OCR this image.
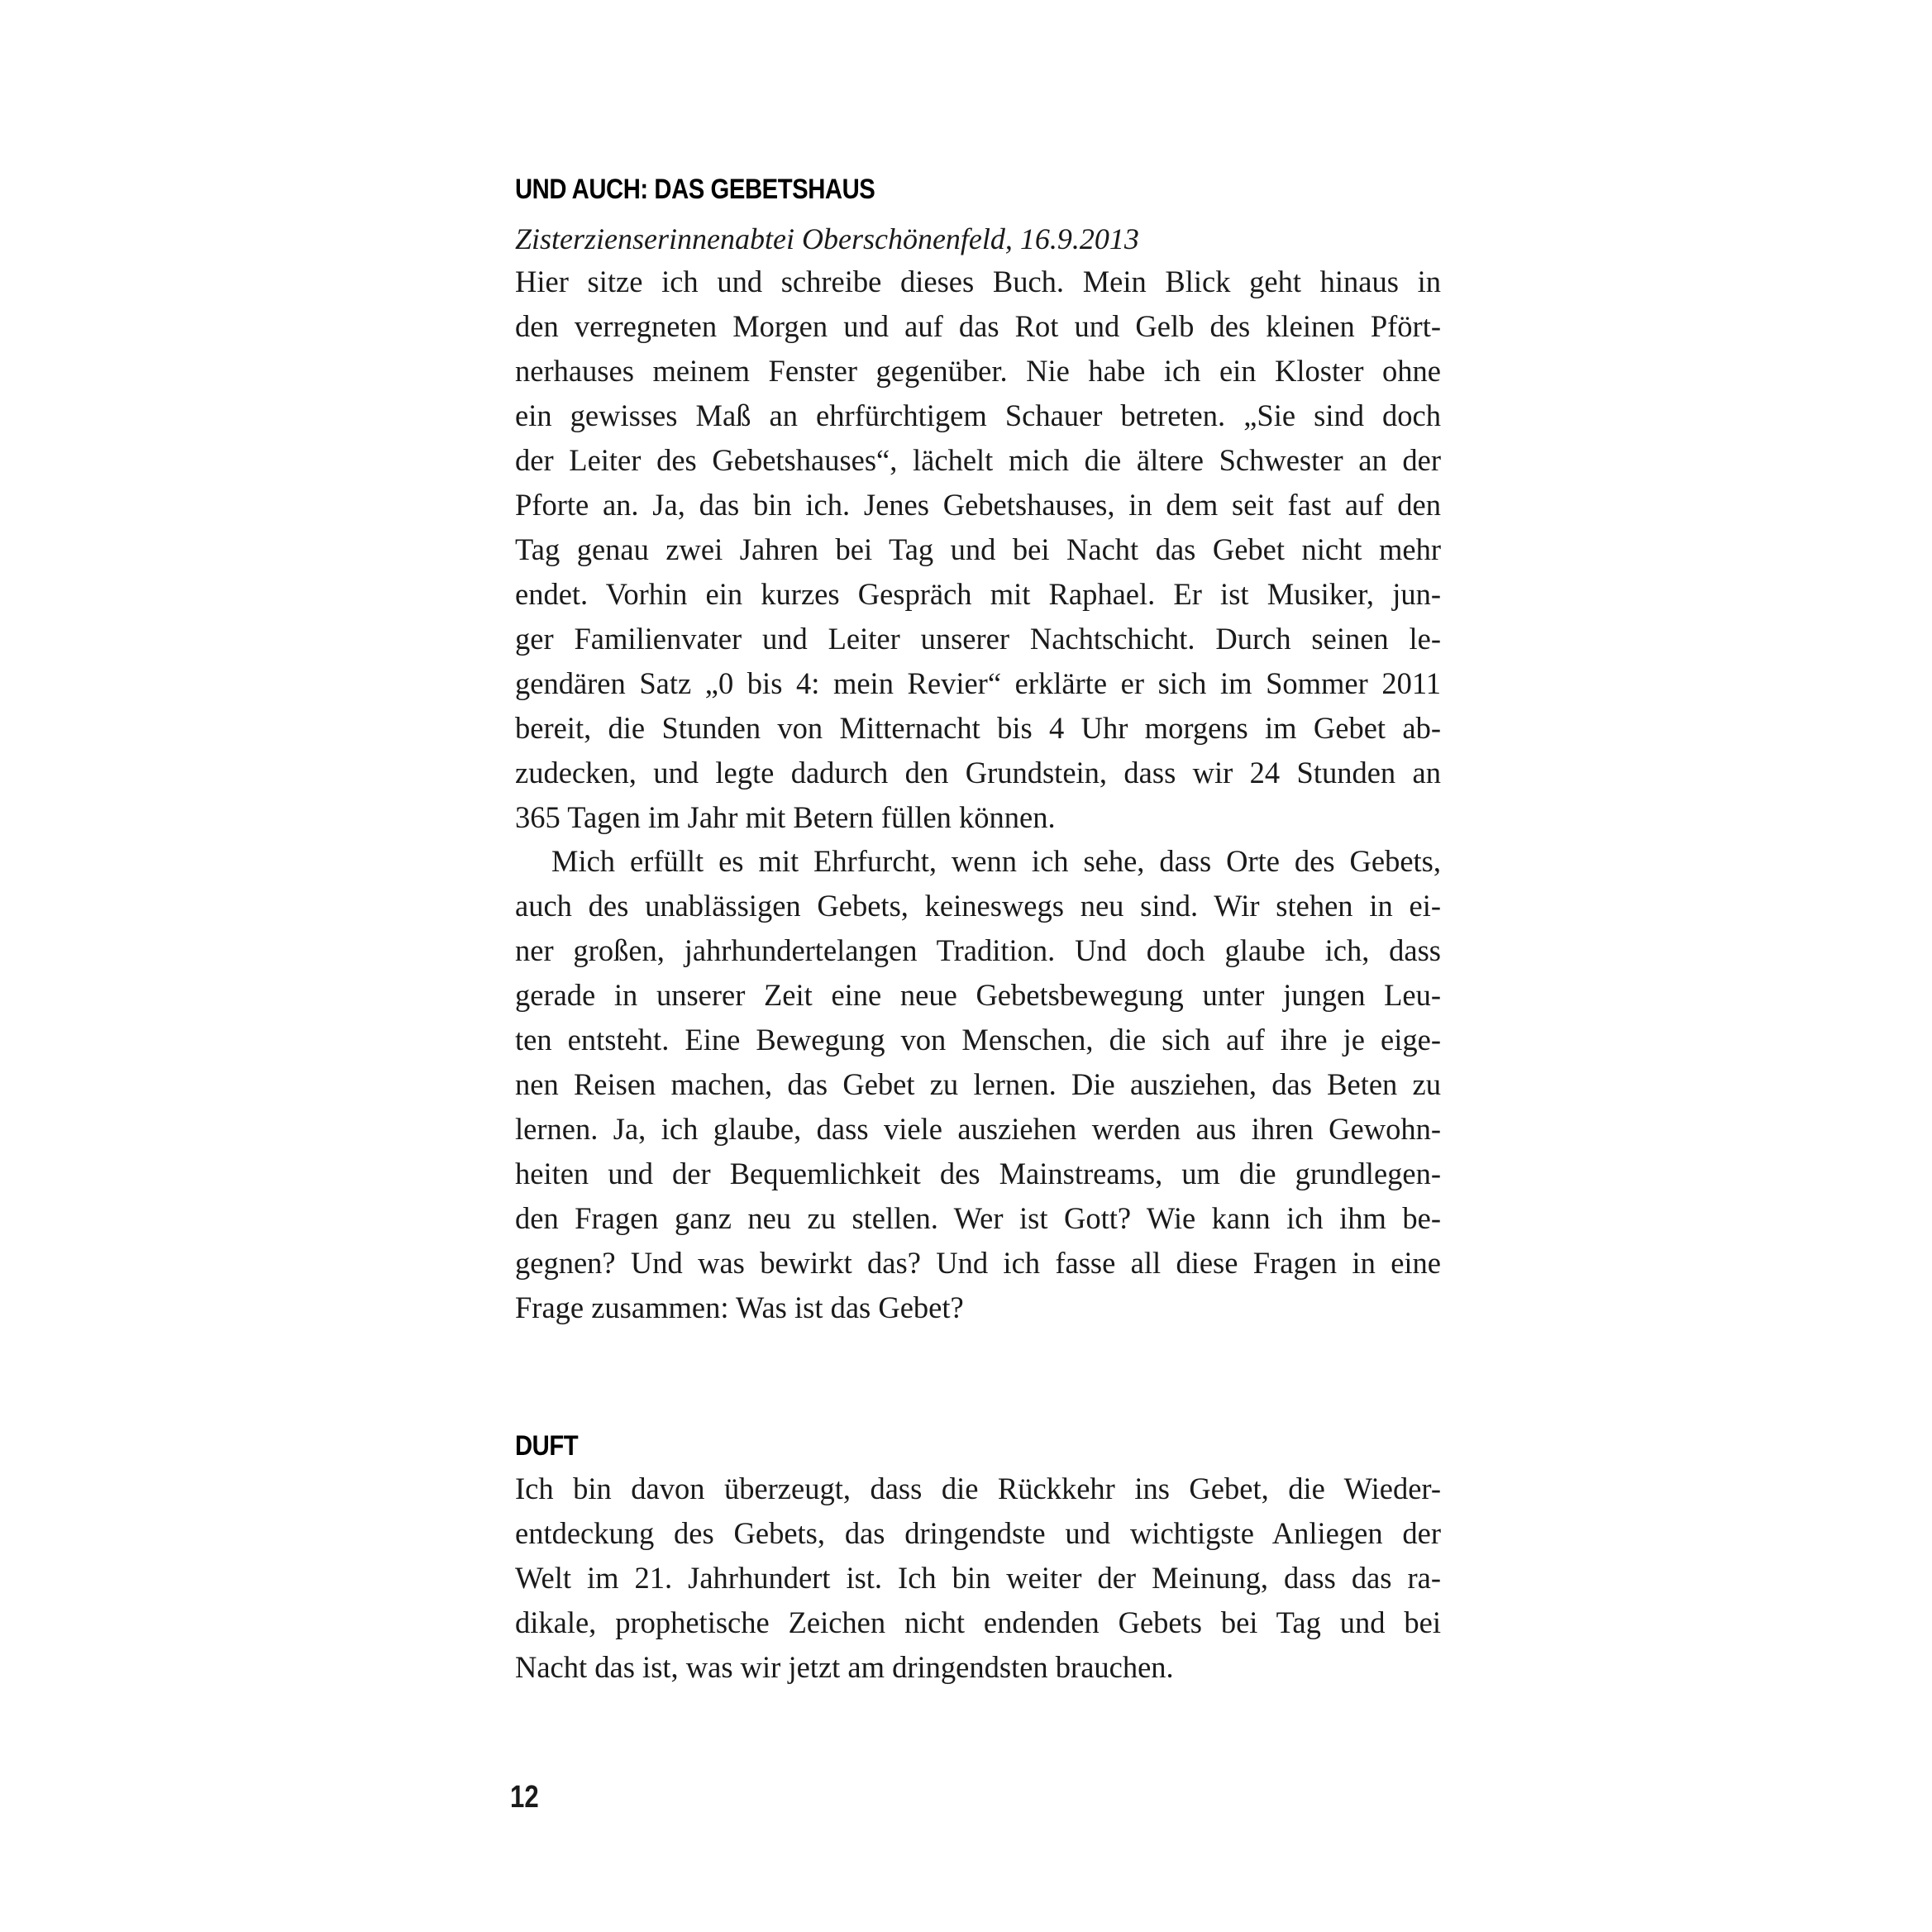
UND AUCH: DAS GEBETSHAUS

Zisterzienserinnenabtei Oberschönenfeld, 16.9.2013

Hier sitze ich und schreibe dieses Buch. Mein Blick geht hinaus in
den verregneten Morgen und auf das Rot und Gelb des kleinen Pfört-
nerhauses meinem Fenster gegenüber. Nie habe ich ein Kloster ohne
ein gewisses Maß an ehrfürchtigem Schauer betreten. „Sie sind doch
der Leiter des Gebetshauses“, lächelt mich die ältere Schwester an der
Pforte an. Ja, das bin ich. Jenes Gebetshauses, in dem seit fast auf den
Tag genau zwei Jahren bei Tag und bei Nacht das Gebet nicht mehr
endet. Vorhin ein kurzes Gespräch mit Raphael. Er ist Musiker, jun-
ger Familienvater und Leiter unserer Nachtschicht. Durch seinen le-
gendären Satz „0 bis 4: mein Revier“ erklärte er sich im Sommer 2011
bereit, die Stunden von Mitternacht bis 4 Uhr morgens im Gebet ab-
zudecken, und legte dadurch den Grundstein, dass wir 24 Stunden an
365 Tagen im Jahr mit Betern füllen können.
Mich erfüllt es mit Ehrfurcht, wenn ich sehe, dass Orte des Gebets,
auch des unablässigen Gebets, keineswegs neu sind. Wir stehen in ei-
ner großen, jahrhundertelangen Tradition. Und doch glaube ich, dass
gerade in unserer Zeit eine neue Gebetsbewegung unter jungen Leu-
ten entsteht. Eine Bewegung von Menschen, die sich auf ihre je eige-
nen Reisen machen, das Gebet zu lernen. Die ausziehen, das Beten zu
lernen. Ja, ich glaube, dass viele ausziehen werden aus ihren Gewohn-
heiten und der Bequemlichkeit des Mainstreams, um die grundlegen-
den Fragen ganz neu zu stellen. Wer ist Gott? Wie kann ich ihm be-
gegnen? Und was bewirkt das? Und ich fasse all diese Fragen in eine
Frage zusammen: Was ist das Gebet?
DUFT
Ich bin davon überzeugt, dass die Rückkehr ins Gebet, die Wieder-
entdeckung des Gebets, das dringendste und wichtigste Anliegen der
Welt im 21. Jahrhundert ist. Ich bin weiter der Meinung, dass das ra-
dikale, prophetische Zeichen nicht endenden Gebets bei Tag und bei
Nacht das ist, was wir jetzt am dringendsten brauchen.
12
